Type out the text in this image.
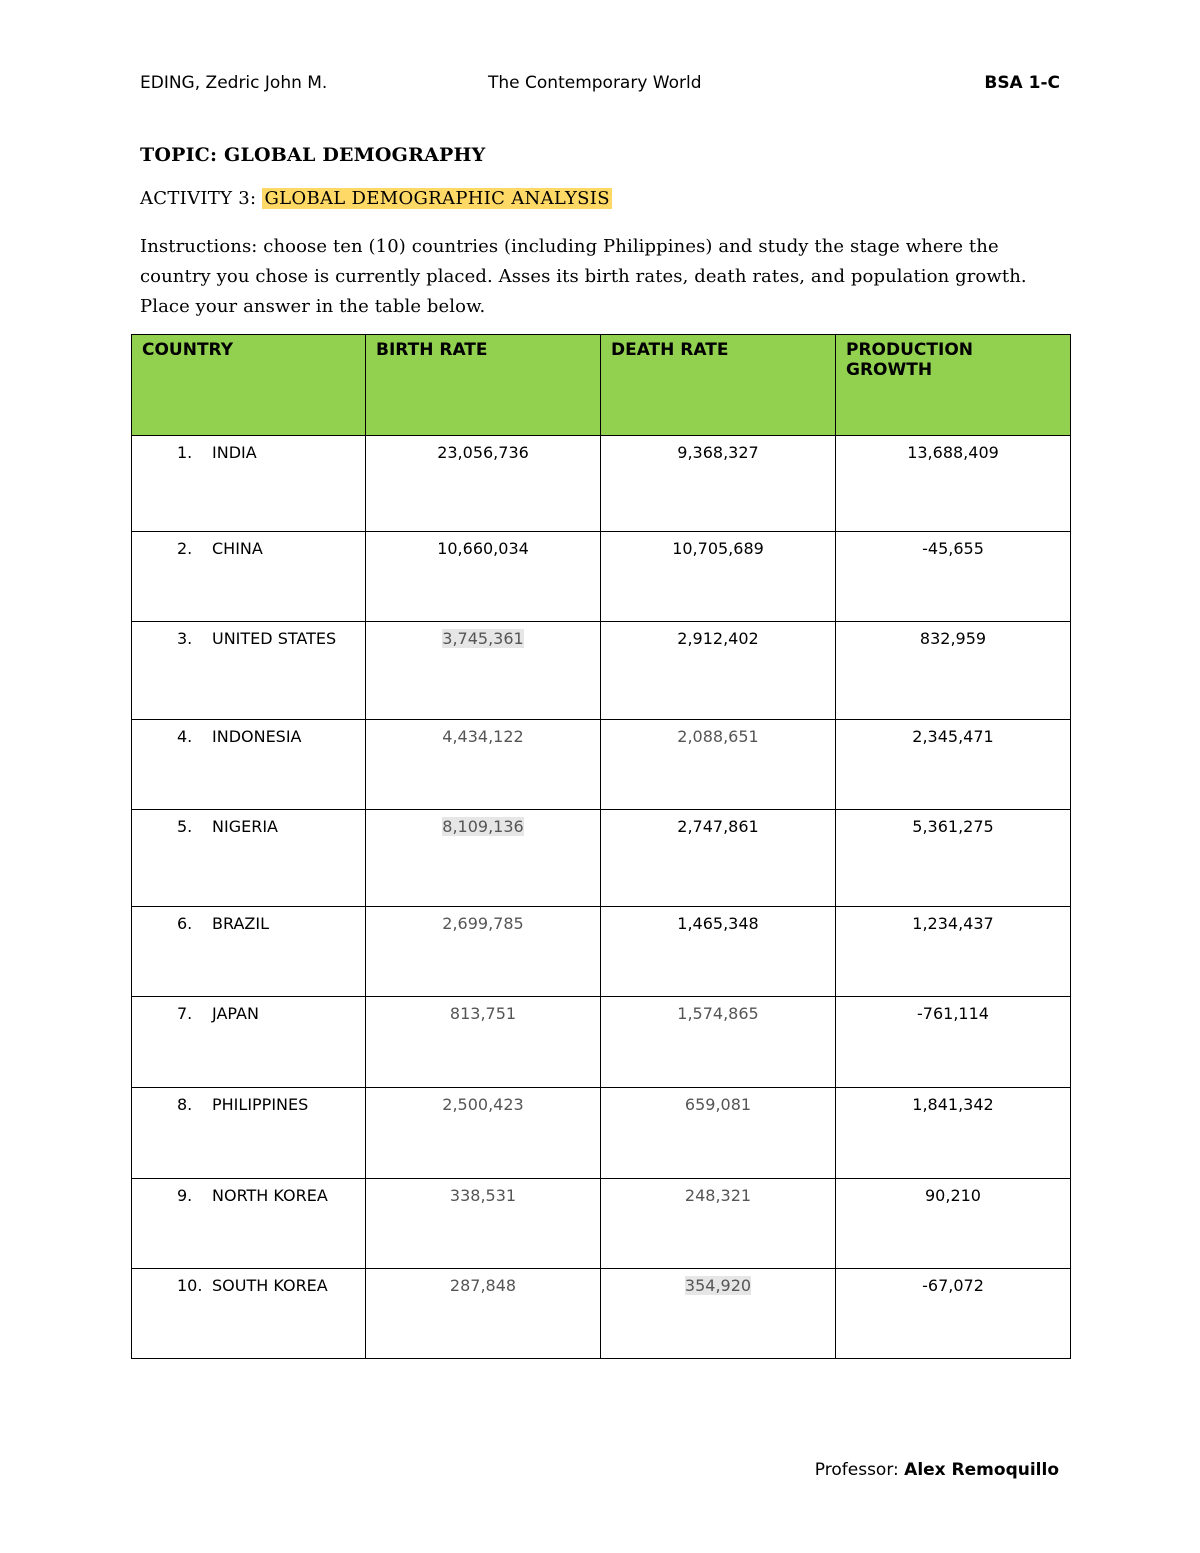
EDING, Zedric John M.	The Contemporary World	BSA 1-C
TOPIC: GLOBAL DEMOGRAPHY
ACTIVITY 3: GLOBAL DEMOGRAPHIC ANALYSIS
Instructions: choose ten (10) countries (including Philippines) and study the stage where the country you chose is currently placed. Asses its birth rates, death rates, and population growth. Place your answer in the table below.
COUNTRY	BIRTH RATE	DEATH RATE	PRODUCTION GROWTH
1. INDIA	23,056,736	9,368,327	13,688,409
2. CHINA	10,660,034	10,705,689	-45,655
3. UNITED STATES	3,745,361	2,912,402	832,959
4. INDONESIA	4,434,122	2,088,651	2,345,471
5. NIGERIA	8,109,136	2,747,861	5,361,275
6. BRAZIL	2,699,785	1,465,348	1,234,437
7. JAPAN	813,751	1,574,865	-761,114
8. PHILIPPINES	2,500,423	659,081	1,841,342
9. NORTH KOREA	338,531	248,321	90,210
10. SOUTH KOREA	287,848	354,920	-67,072
Professor: Alex Remoquillo
